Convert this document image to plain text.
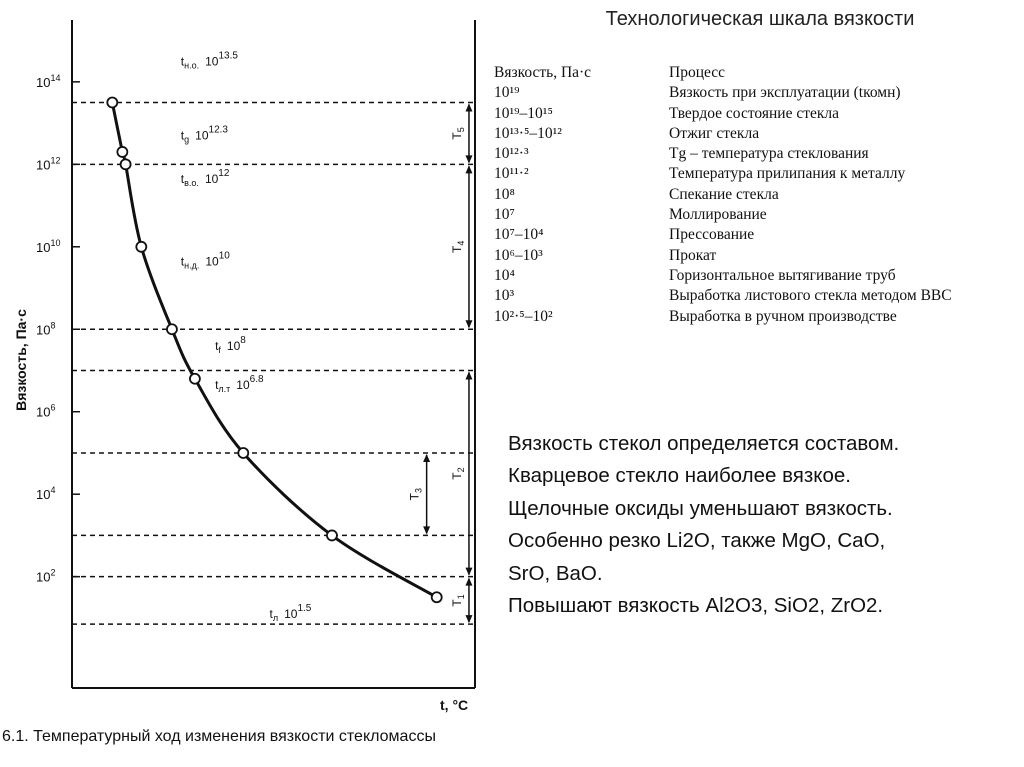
Технологическая шкала вязкости
Вязкость, Па·с	Процесс
10¹⁹	Вязкость при эксплуатации (tкомн)
10¹⁹–10¹⁵	Твердое состояние стекла
10¹³·⁵–10¹²	Отжиг стекла
10¹²·³	Tg – температура стеклования
10¹¹·²	Температура прилипания к металлу
10⁸	Спекание стекла
10⁷	Моллирование
10⁷–10⁴	Прессование
10⁶–10³	Прокат
10⁴	Горизонтальное вытягивание труб
10³	Выработка листового стекла методом ВВС
10²·⁵–10²	Выработка в ручном производстве
Вязкость стекол определяется составом.
Кварцевое стекло наиболее вязкое.
Щелочные оксиды уменьшают вязкость.
Особенно резко Li2O, также MgO, CaO,
SrO, BaO.
Повышают вязкость Al2O3, SiO2, ZrO2.
$10^{14}$
$10^{12}$
$10^{10}$
$10^8$
$10^6$
$10^4$
$10^2$
$T_5$
$T_4$
$T_2$
$T_3$
$T_1$
$t_{н.о.}$ $10^{13.5}$
$t_g$ $10^{12.3}$
$t_{в.о.}$ $10^{12}$
$t_{н.д.}$ $10^{10}$
$t_f$ $10^8$
$t_{л.т}$ $10^{6.8}$
$t_л$ $10^{1.5}$
Вязкость, Па·с
t, °C
6.1. Температурный ход изменения вязкости стекломассы
